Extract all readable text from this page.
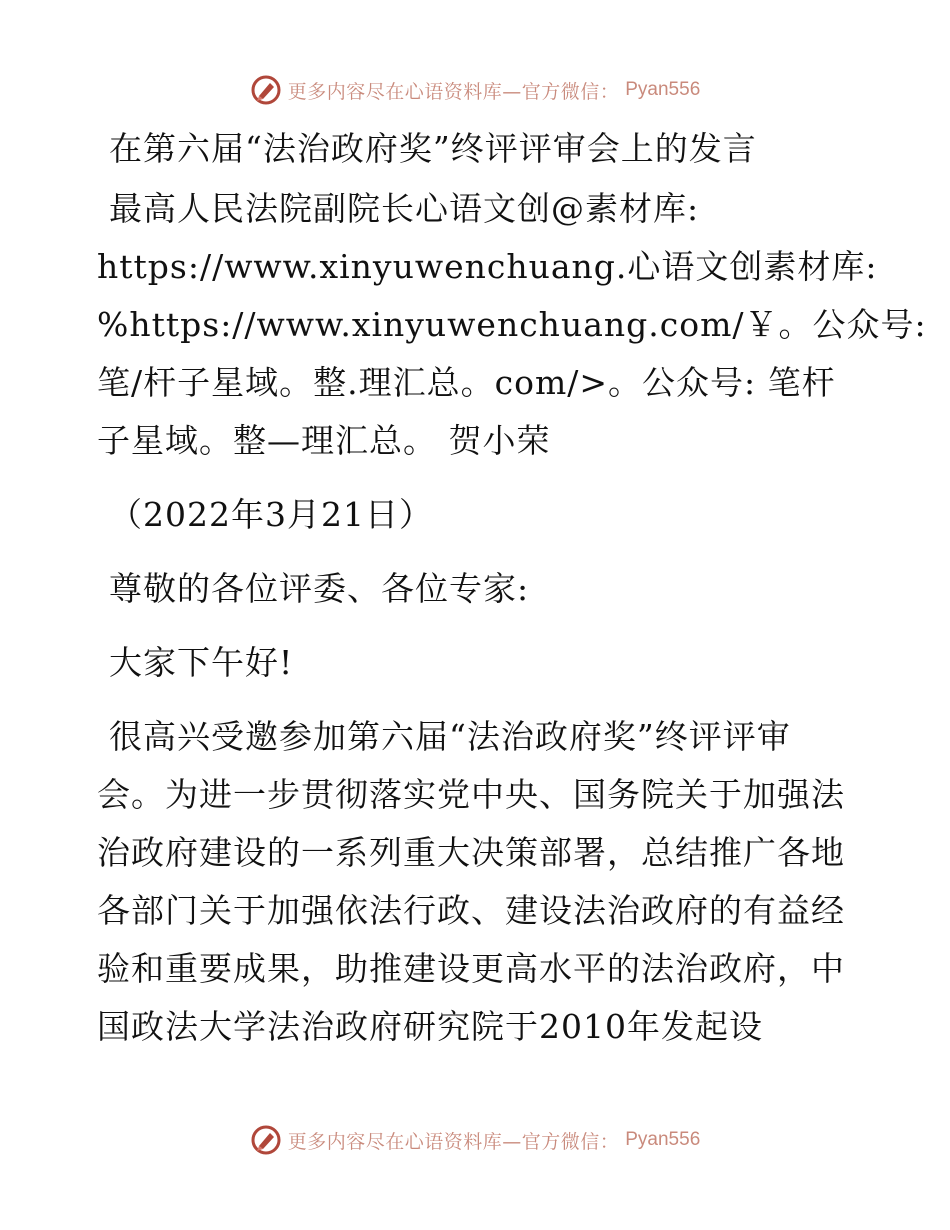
更多内容尽在心语资料库—官方微信： Pyan556
在第六届“法治政府奖”终评评审会上的发言
最高人民法院副院长心语文创@素材库:
https://www.xinyuwenchuang.心语文创素材库:
%https://www.xinyuwenchuang.com/￥。公众号:
笔/杆子星域。整.理汇总。com/>。公众号: 笔杆
子星域。整—理汇总。 贺小荣
（2022年3月21日）
尊敬的各位评委、各位专家:
大家下午好!
很高兴受邀参加第六届“法治政府奖”终评评审
会。为进一步贯彻落实党中央、国务院关于加强法
治政府建设的一系列重大决策部署，总结推广各地
各部门关于加强依法行政、建设法治政府的有益经
验和重要成果，助推建设更高水平的法治政府，中
国政法大学法治政府研究院于2010年发起设
更多内容尽在心语资料库—官方微信： Pyan556
